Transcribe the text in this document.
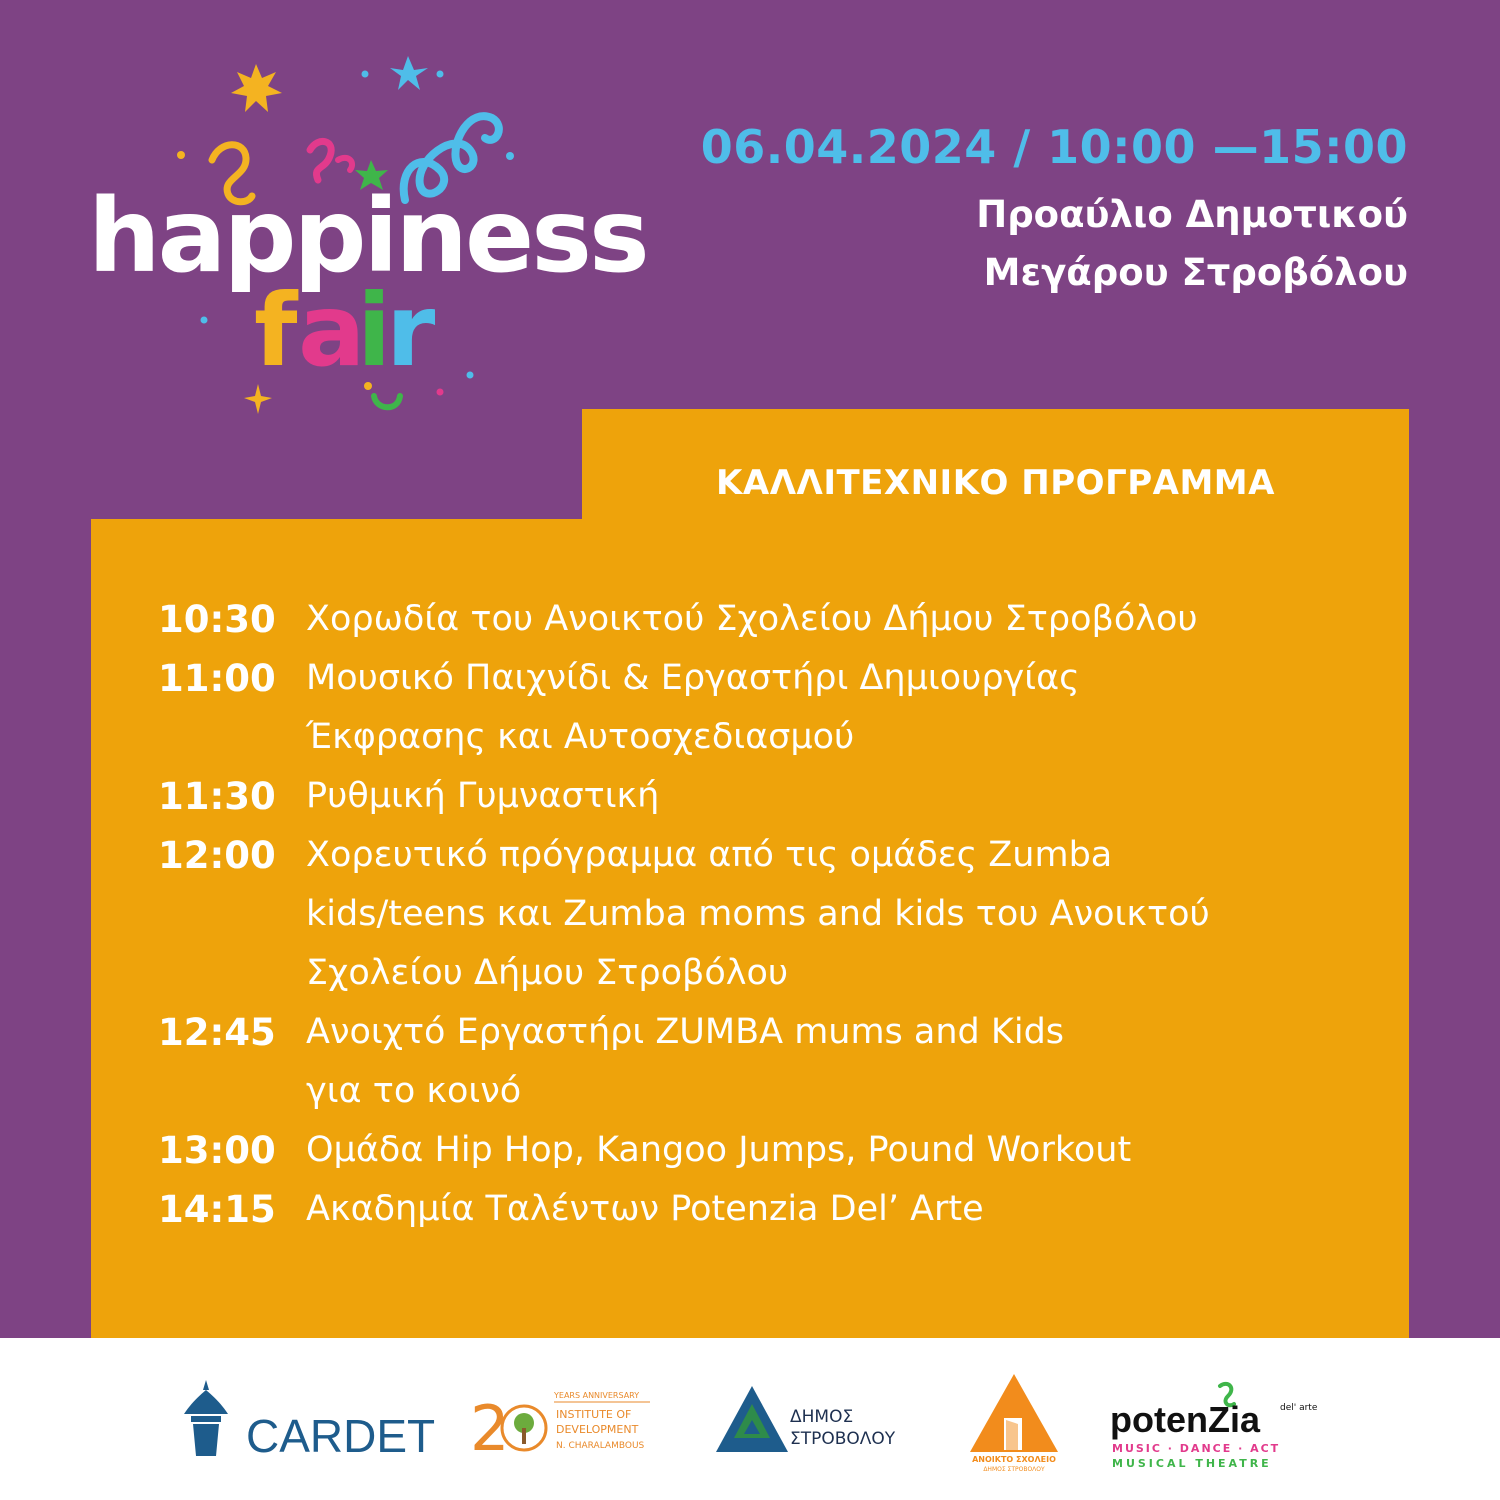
happiness
f a
i
r
06.04.2024 / 10:00 —15:00
Προαύλιο Δημοτικού
Μεγάρου Στροβόλου
ΚΑΛΛΙΤΕΧΝΙΚΟ ΠΡΟΓΡΑΜΜΑ
10:30 Χορωδία του Ανοικτού Σχολείου Δήμου Στροβόλου
11:00 Μουσικό Παιχνίδι & Εργαστήρι Δημιουργίας
Έκφρασης και Αυτοσχεδιασμού
11:30 Ρυθμική Γυμναστική
12:00 Χορευτικό πρόγραμμα από τις ομάδες Zumba
kids/teens και Zumba moms and kids του Ανοικτού
Σχολείου Δήμου Στροβόλου
12:45 Ανοιχτό Εργαστήρι ZUMBA mums and Kids
για το κοινό
13:00 Ομάδα Hip Hop, Kangoo Jumps, Pound Workout
14:15 Ακαδημία Ταλέντων Potenzia Del’ Arte
CARDET 2	YEARS ANNIVERSARY
INSTITUTE OF
DEVELOPMENT
N. CHARALAMBOUS
ΔΗΜΟΣ
ΣΤΡΟΒΟΛΟΥ
ΑΝΟΙΚΤΟ ΣΧΟΛΕΙΟ
ΔΗΜΟΣ ΣΤΡΟΒΟΛΟΥ
potenZia del' arte
MUSIC · DANCE · ACT
MUSICAL THEATRE
